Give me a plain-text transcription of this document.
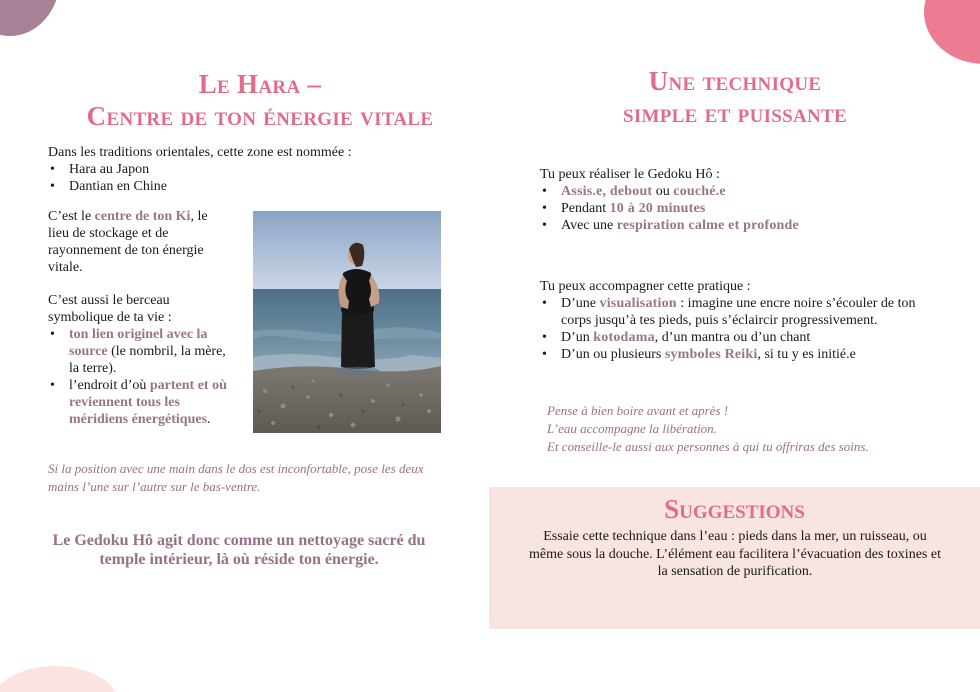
Le Hara –
Centre de ton énergie vitale

Dans les traditions orientales, cette zone est nommée :

• Hara au Japon
• Dantian en Chine

C’est le centre de ton Ki, le lieu de stockage et de rayonnement de ton énergie vitale.

C’est aussi le berceau symbolique de ta vie :

• ton lien originel avec la source (le nombril, la mère, la terre).
• l’endroit d’où partent et où reviennent tous les méridiens énergétiques.

Si la position avec une main dans le dos est inconfortable, pose les deux mains l’une sur l’autre sur le bas-ventre.

Le Gedoku Hô agit donc comme un nettoyage sacré du temple intérieur, là où réside ton énergie.

Une technique
simple et puissante

Tu peux réaliser le Gedoku Hô :

• Assis.e, debout ou couché.e
• Pendant 10 à 20 minutes
• Avec une respiration calme et profonde

Tu peux accompagner cette pratique :

• D’une visualisation : imagine une encre noire s’écouler de ton corps jusqu’à tes pieds, puis s’éclaircir progressivement.
• D’un kotodama, d’un mantra ou d’un chant
• D’un ou plusieurs symboles Reiki, si tu y es initié.e
Pense à bien boire avant et après !
L’eau accompagne la libération.
Et conseille-le aussi aux personnes à qui tu offriras des soins.
Suggestions

Essaie cette technique dans l’eau : pieds dans la mer, un ruisseau, ou même sous la douche. L’élément eau facilitera l’évacuation des toxines et la sensation de purification.
